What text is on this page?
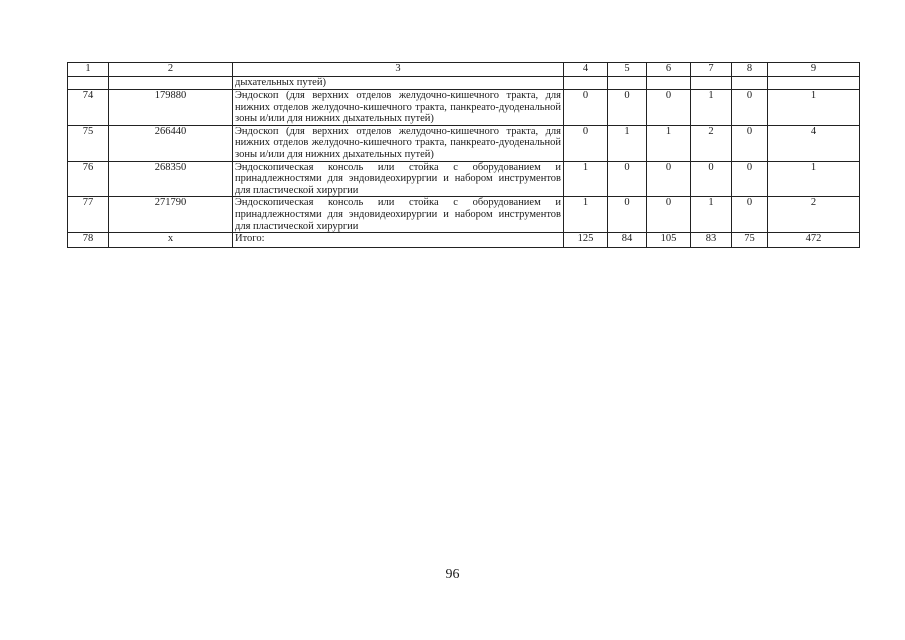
1	2	3	4	5	6	7	8	9
		дыхательных путей)						
74	179880	Эндоскоп (для верхних отделов желудочно-кишечного тракта, для нижних отделов желудочно-кишечного тракта, панкреато-дуоденальной зоны и/или для нижних дыхательных путей)	0	0	0	1	0	1
75	266440	Эндоскоп (для верхних отделов желудочно-кишечного тракта, для нижних отделов желудочно-кишечного тракта, панкреато-дуоденальной зоны и/или для нижних дыхательных путей)	0	1	1	2	0	4
76	268350	Эндоскопическая консоль или стойка с оборудованием и принадлежностями для эндовидеохирургии и набором инструментов для пластической хирургии	1	0	0	0	0	1
77	271790	Эндоскопическая консоль или стойка с оборудованием и принадлежностями для эндовидеохирургии и набором инструментов для пластической хирургии	1	0	0	1	0	2
78	x	Итого:	125	84	105	83	75	472
96
